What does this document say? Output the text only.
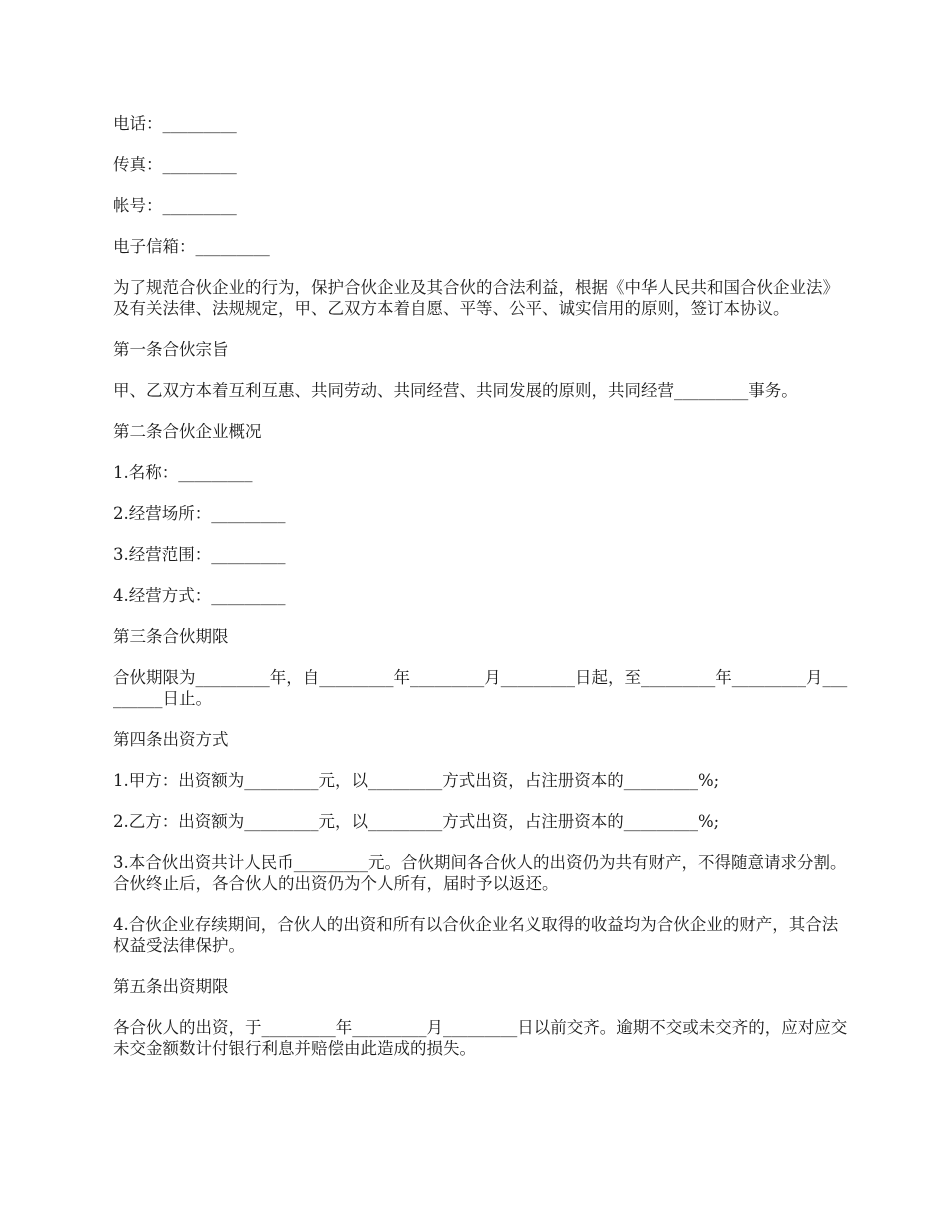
电话：_________

传真：_________

帐号：_________

电子信箱：_________

为了规范合伙企业的行为，保护合伙企业及其合伙的合法利益，根据《中华人民共和国合伙企业法》及有关法律、法规规定，甲、乙双方本着自愿、平等、公平、诚实信用的原则，签订本协议。

第一条合伙宗旨

甲、乙双方本着互利互惠、共同劳动、共同经营、共同发展的原则，共同经营_________事务。

第二条合伙企业概况

1.名称：_________

2.经营场所：_________

3.经营范围：_________

4.经营方式：_________

第三条合伙期限

合伙期限为_________年，自_________年_________月_________日起，至_________年_________月_________日止。

第四条出资方式

1.甲方：出资额为_________元，以_________方式出资，占注册资本的_________%;

2.乙方：出资额为_________元，以_________方式出资，占注册资本的_________%;

3.本合伙出资共计人民币_________元。合伙期间各合伙人的出资仍为共有财产，不得随意请求分割。合伙终止后，各合伙人的出资仍为个人所有，届时予以返还。

4.合伙企业存续期间，合伙人的出资和所有以合伙企业名义取得的收益均为合伙企业的财产，其合法权益受法律保护。

第五条出资期限

各合伙人的出资，于_________年_________月_________日以前交齐。逾期不交或未交齐的，应对应交未交金额数计付银行利息并赔偿由此造成的损失。
